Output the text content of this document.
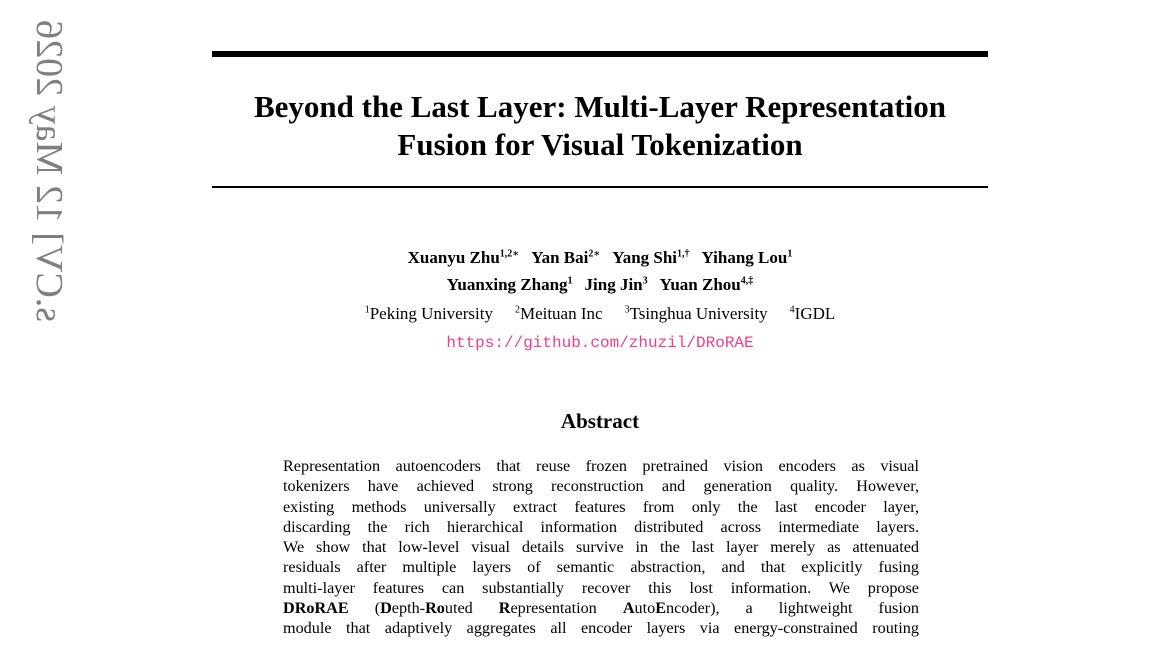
s.CV] 12 May 2026	Beyond the Last Layer: Multi-Layer Representation
Fusion for Visual Tokenization
Xuanyu Zhu$^{1,2∗}$ Yan Bai$^{2∗}$ Yang Shi$^{1,\dagger}$ Yihang Lou$^1$
Yuanxing Zhang$^1$ Jing Jin$^3$ Yuan Zhou$^{4,\ddagger}$
$^1$Peking University $^2$Meituan Inc $^3$Tsinghua University $^4$IGDL
https://github.com/zhuzil/DRoRAE
Abstract
Representation autoencoders that reuse frozen pretrained vision encoders as visual
tokenizers have achieved strong reconstruction and generation quality. However,
existing methods universally extract features from only the last encoder layer,
discarding the rich hierarchical information distributed across intermediate layers.
We show that low-level visual details survive in the last layer merely as attenuated
residuals after multiple layers of semantic abstraction, and that explicitly fusing
multi-layer features can substantially recover this lost information. We propose
DRoRAE (Depth-Routed Representation AutoEncoder), a lightweight fusion
module that adaptively aggregates all encoder layers via energy-constrained routing
